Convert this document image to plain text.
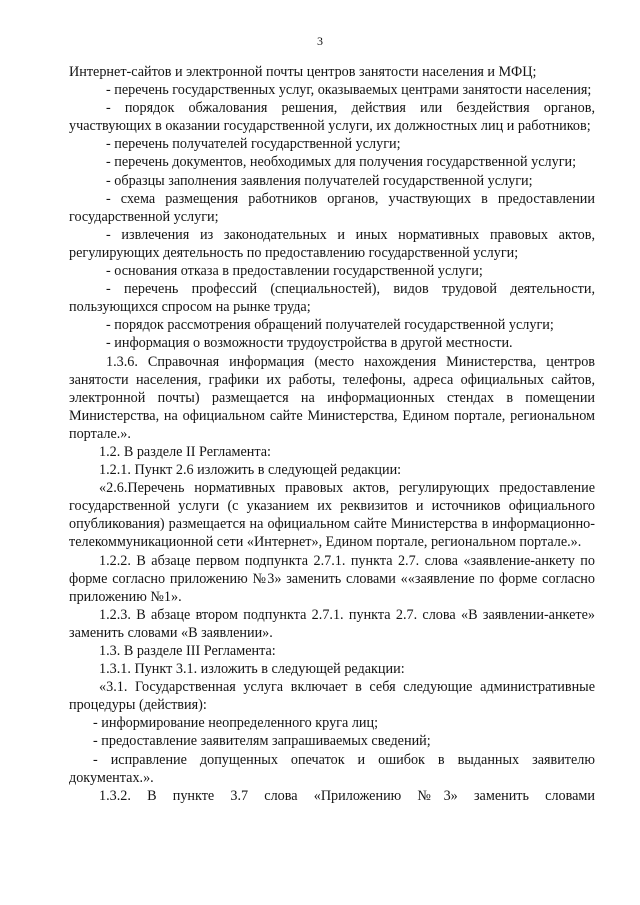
3

Интернет-сайтов и электронной почты центров занятости населения и МФЦ;

- перечень государственных услуг, оказываемых центрами занятости населения;

- порядок обжалования решения, действия или бездействия органов, участвующих в оказании государственной услуги, их должностных лиц и работников;

- перечень получателей государственной услуги;

- перечень документов, необходимых для получения государственной услуги;

- образцы заполнения заявления получателей государственной услуги;

- схема размещения работников органов, участвующих в предоставлении государственной услуги;

- извлечения из законодательных и иных нормативных правовых актов, регулирующих деятельность по предоставлению государственной услуги;

- основания отказа в предоставлении государственной услуги;

- перечень профессий (специальностей), видов трудовой деятельности, пользующихся спросом на рынке труда;

- порядок рассмотрения обращений получателей государственной услуги;

- информация о возможности трудоустройства в другой местности.

1.3.6. Справочная информация (место нахождения Министерства, центров занятости населения, графики их работы, телефоны, адреса официальных сайтов, электронной почты) размещается на информационных стендах в помещении Министерства, на официальном сайте Министерства, Едином портале, региональном портале.».

1.2. В разделе II Регламента:

1.2.1. Пункт 2.6 изложить в следующей редакции:

«2.6.Перечень нормативных правовых актов, регулирующих предоставление государственной услуги (с указанием их реквизитов и источников официального опубликования) размещается на официальном сайте Министерства в информационно-телекоммуникационной сети «Интернет», Едином портале, региональном портале.».

1.2.2. В абзаце первом подпункта 2.7.1. пункта 2.7. слова «заявление-анкету по форме согласно приложению №3» заменить словами ««заявление по форме согласно приложению №1».

1.2.3. В абзаце втором подпункта 2.7.1. пункта 2.7. слова «В заявлении-анкете» заменить словами «В заявлении».

1.3. В разделе III Регламента:

1.3.1. Пункт 3.1. изложить в следующей редакции:

«3.1. Государственная услуга включает в себя следующие административные процедуры (действия):

- информирование неопределенного круга лиц;

- предоставление заявителям запрашиваемых сведений;

- исправление допущенных опечаток и ошибок в выданных заявителю документах.».

1.3.2. В пункте 3.7 слова «Приложению №3» заменить словами
